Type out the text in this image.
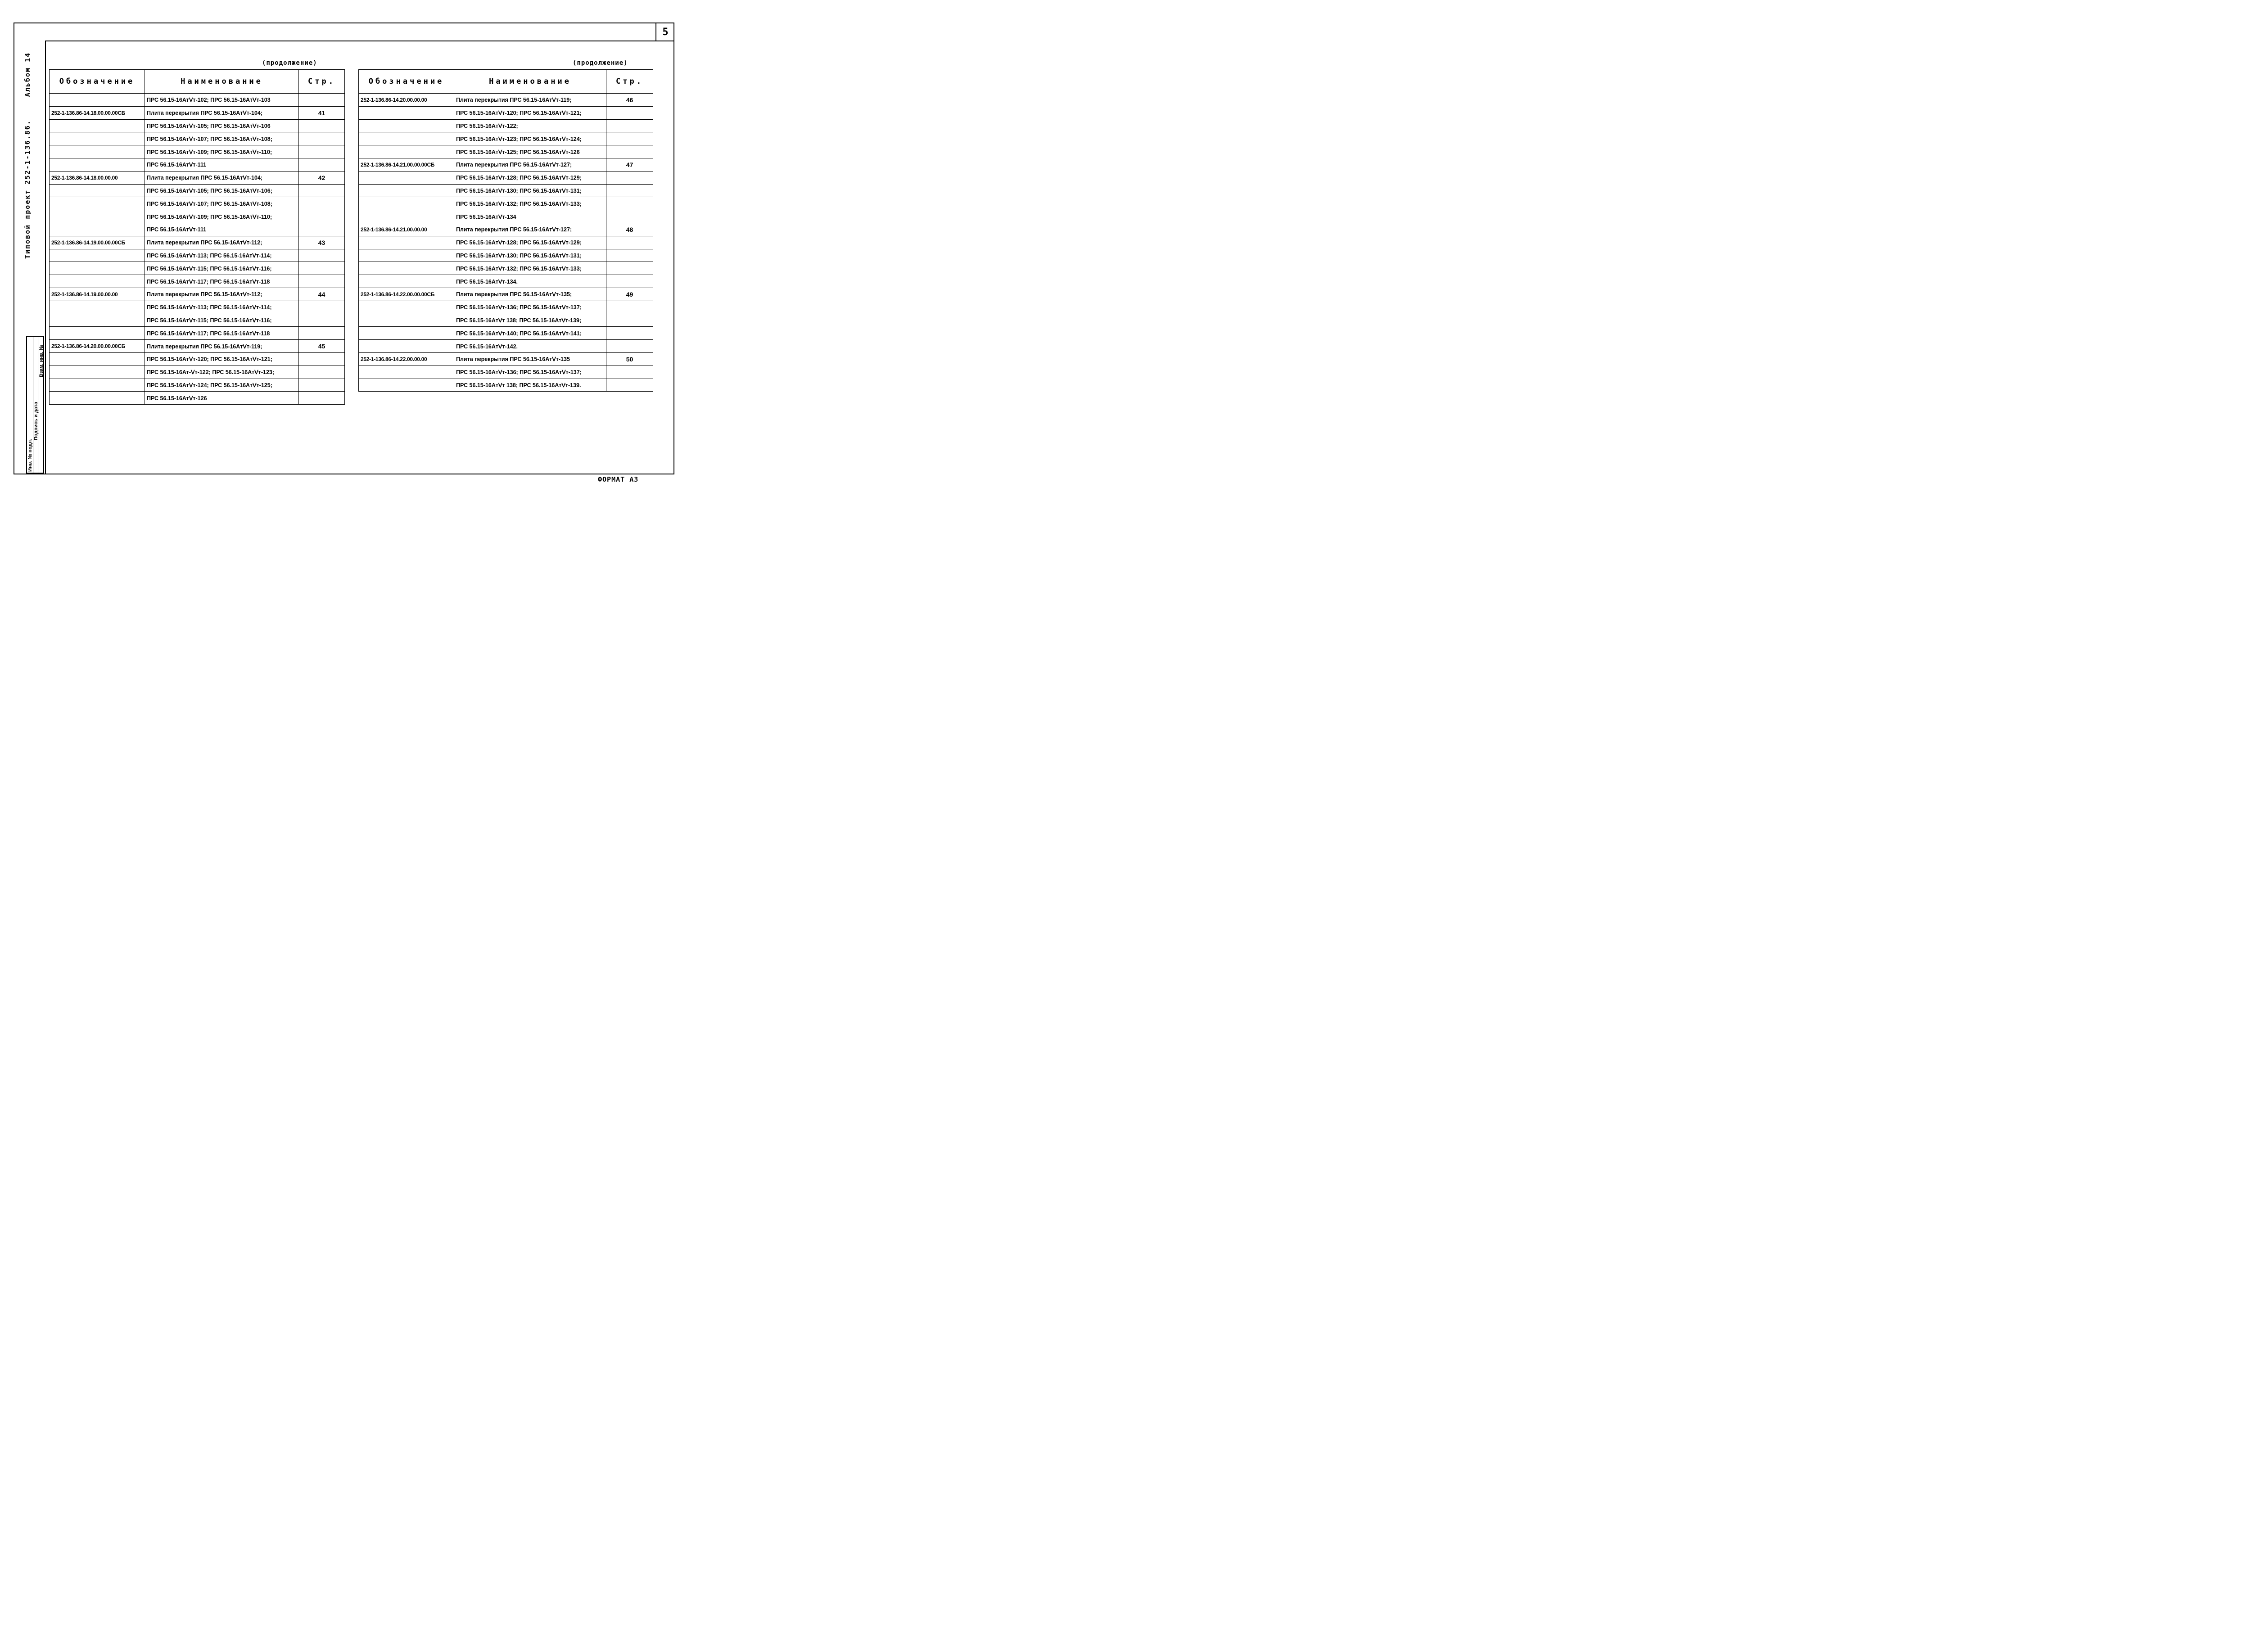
5
Типовой проект 252-1-136.86. Альбом 14
Инв. № подл.
Подпись и дата
Взам. инв. №
(продолжение)
Обозначение	Наименование	Стр.
	ПРС 56.15-16АтⅤт-102; ПРС 56.15-16АтⅤт-103	
252-1-136.86-14.18.00.00.00СБ	Плита перекрытия ПРС 56.15-16АтⅤт-104;	41
	ПРС 56.15-16АтⅤт-105; ПРС 56.15-16АтⅤт-106	
	ПРС 56.15-16АтⅤт-107; ПРС 56.15-16АтⅤт-108;	
	ПРС 56.15-16АтⅤт-109; ПРС 56.15-16АтⅤт-110;	
	ПРС 56.15-16АтⅤт-111	
252-1-136.86-14.18.00.00.00	Плита перекрытия ПРС 56.15-16АтⅤт-104;	42
	ПРС 56.15-16АтⅤт-105; ПРС 56.15-16АтⅤт-106;	
	ПРС 56.15-16АтⅤт-107; ПРС 56.15-16АтⅤт-108;	
	ПРС 56.15-16АтⅤт-109; ПРС 56.15-16АтⅤт-110;	
	ПРС 56.15-16АтⅤт-111	
252-1-136.86-14.19.00.00.00СБ	Плита перекрытия ПРС 56.15-16АтⅤт-112;	43
	ПРС 56.15-16АтⅤт-113; ПРС 56.15-16АтⅤт-114;	
	ПРС 56.15-16АтⅤт-115; ПРС 56.15-16АтⅤт-116;	
	ПРС 56.15-16АтⅤт-117; ПРС 56.15-16АтⅤт-118	
252-1-136.86-14.19.00.00.00	Плита перекрытия ПРС 56.15-16АтⅤт-112;	44
	ПРС 56.15-16АтⅤт-113; ПРС 56.15-16АтⅤт-114;	
	ПРС 56.15-16АтⅤт-115; ПРС 56.15-16АтⅤт-116;	
	ПРС 56.15-16АтⅤт-117; ПРС 56.15-16АтⅤт-118	
252-1-136.86-14.20.00.00.00СБ	Плита перекрытия ПРС 56.15-16АтⅤт-119;	45
	ПРС 56.15-16АтⅤт-120; ПРС 56.15-16АтⅤт-121;	
	ПРС 56.15-16Ат-Ⅴт-122; ПРС 56.15-16АтⅤт-123;	
	ПРС 56.15-16АтⅤт-124; ПРС 56.15-16АтⅤт-125;	
	ПРС 56.15-16АтⅤт-126	
(продолжение)
Обозначение	Наименование	Стр.
252-1-136.86-14.20.00.00.00	Плита перекрытия ПРС 56.15-16АтⅤт-119;	46
	ПРС 56.15-16АтⅤт-120; ПРС 56.15-16АтⅤт-121;	
	ПРС 56.15-16АтⅤт-122;	
	ПРС 56.15-16АтⅤт-123; ПРС 56.15-16АтⅤт-124;	
	ПРС 56.15-16АтⅤт-125; ПРС 56.15-16АтⅤт-126	
252-1-136.86-14.21.00.00.00СБ	Плита перекрытия ПРС 56.15-16АтⅤт-127;	47
	ПРС 56.15-16АтⅤт-128; ПРС 56.15-16АтⅤт-129;	
	ПРС 56.15-16АтⅤт-130; ПРС 56.15-16АтⅤт-131;	
	ПРС 56.15-16АтⅤт-132; ПРС 56.15-16АтⅤт-133;	
	ПРС 56.15-16АтⅤт-134	
252-1-136.86-14.21.00.00.00	Плита перекрытия ПРС 56.15-16АтⅤт-127;	48
	ПРС 56.15-16АтⅤт-128; ПРС 56.15-16АтⅤт-129;	
	ПРС 56.15-16АтⅤт-130; ПРС 56.15-16АтⅤт-131;	
	ПРС 56.15-16АтⅤт-132; ПРС 56.15-16АтⅤт-133;	
	ПРС 56.15-16АтⅤт-134.	
252-1-136.86-14.22.00.00.00СБ	Плита перекрытия ПРС 56.15-16АтⅤт-135;	49
	ПРС 56.15-16АтⅤт-136; ПРС 56.15-16АтⅤт-137;	
	ПРС 56.15-16АтⅤт 138; ПРС 56.15-16АтⅤт-139;	
	ПРС 56.15-16АтⅤт-140; ПРС 56.15-16АтⅤт-141;	
	ПРС 56.15-16АтⅤт-142.	
252-1-136.86-14.22.00.00.00	Плита перекрытия ПРС 56.15-16АтⅤт-135	50
	ПРС 56.15-16АтⅤт-136; ПРС 56.15-16АтⅤт-137;	
	ПРС 56.15-16АтⅤт 138; ПРС 56.15-16АтⅤт-139.	
ФОРМАТ А3
